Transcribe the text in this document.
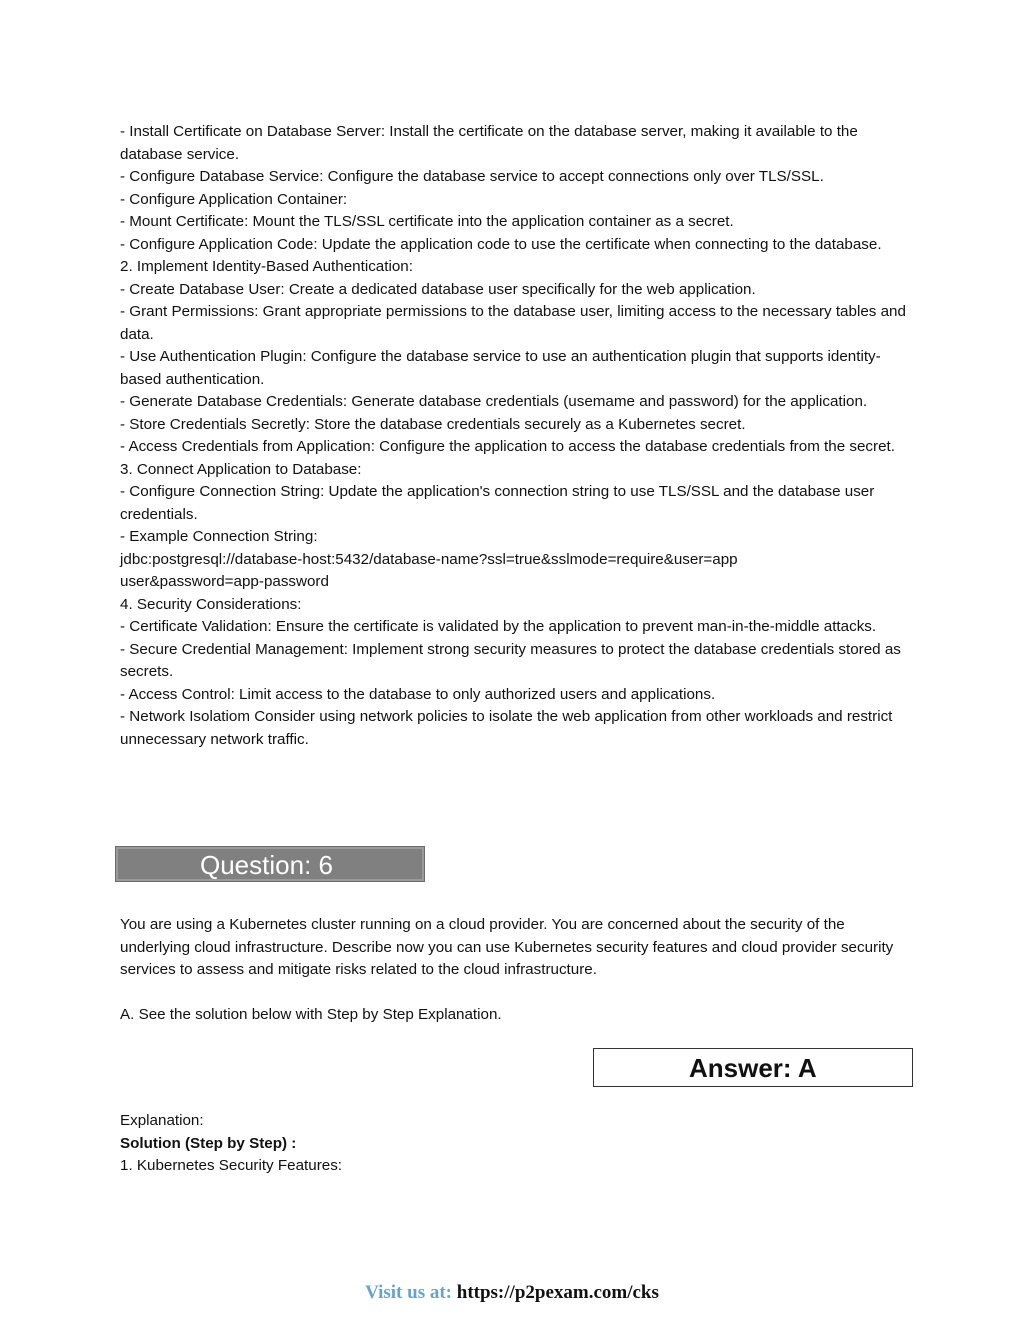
- Install Certificate on Database Server: Install the certificate on the database server, making it available to the database service.
- Configure Database Service: Configure the database service to accept connections only over TLS/SSL.
- Configure Application Container:
- Mount Certificate: Mount the TLS/SSL certificate into the application container as a secret.
- Configure Application Code: Update the application code to use the certificate when connecting to the database.
2. Implement Identity-Based Authentication:
- Create Database User: Create a dedicated database user specifically for the web application.
- Grant Permissions: Grant appropriate permissions to the database user, limiting access to the necessary tables and data.
- Use Authentication Plugin: Configure the database service to use an authentication plugin that supports identity-based authentication.
- Generate Database Credentials: Generate database credentials (usemame and password) for the application.
- Store Credentials Secretly: Store the database credentials securely as a Kubernetes secret.
- Access Credentials from Application: Configure the application to access the database credentials from the secret.
3. Connect Application to Database:
- Configure Connection String: Update the application's connection string to use TLS/SSL and the database user credentials.
- Example Connection String:
jdbc:postgresql://database-host:5432/database-name?ssl=true&sslmode=require&user=app
user&password=app-password
4. Security Considerations:
- Certificate Validation: Ensure the certificate is validated by the application to prevent man-in-the-middle attacks.
- Secure Credential Management: Implement strong security measures to protect the database credentials stored as secrets.
- Access Control: Limit access to the database to only authorized users and applications.
- Network Isolatiom Consider using network policies to isolate the web application from other workloads and restrict unnecessary network traffic.
Question: 6
You are using a Kubernetes cluster running on a cloud provider. You are concerned about the security of the underlying cloud infrastructure. Describe now you can use Kubernetes security features and cloud provider security services to assess and mitigate risks related to the cloud infrastructure.
A. See the solution below with Step by Step Explanation.
Answer: A
Explanation:
Solution (Step by Step) :
1. Kubernetes Security Features:
Visit us at: https://p2pexam.com/cks
